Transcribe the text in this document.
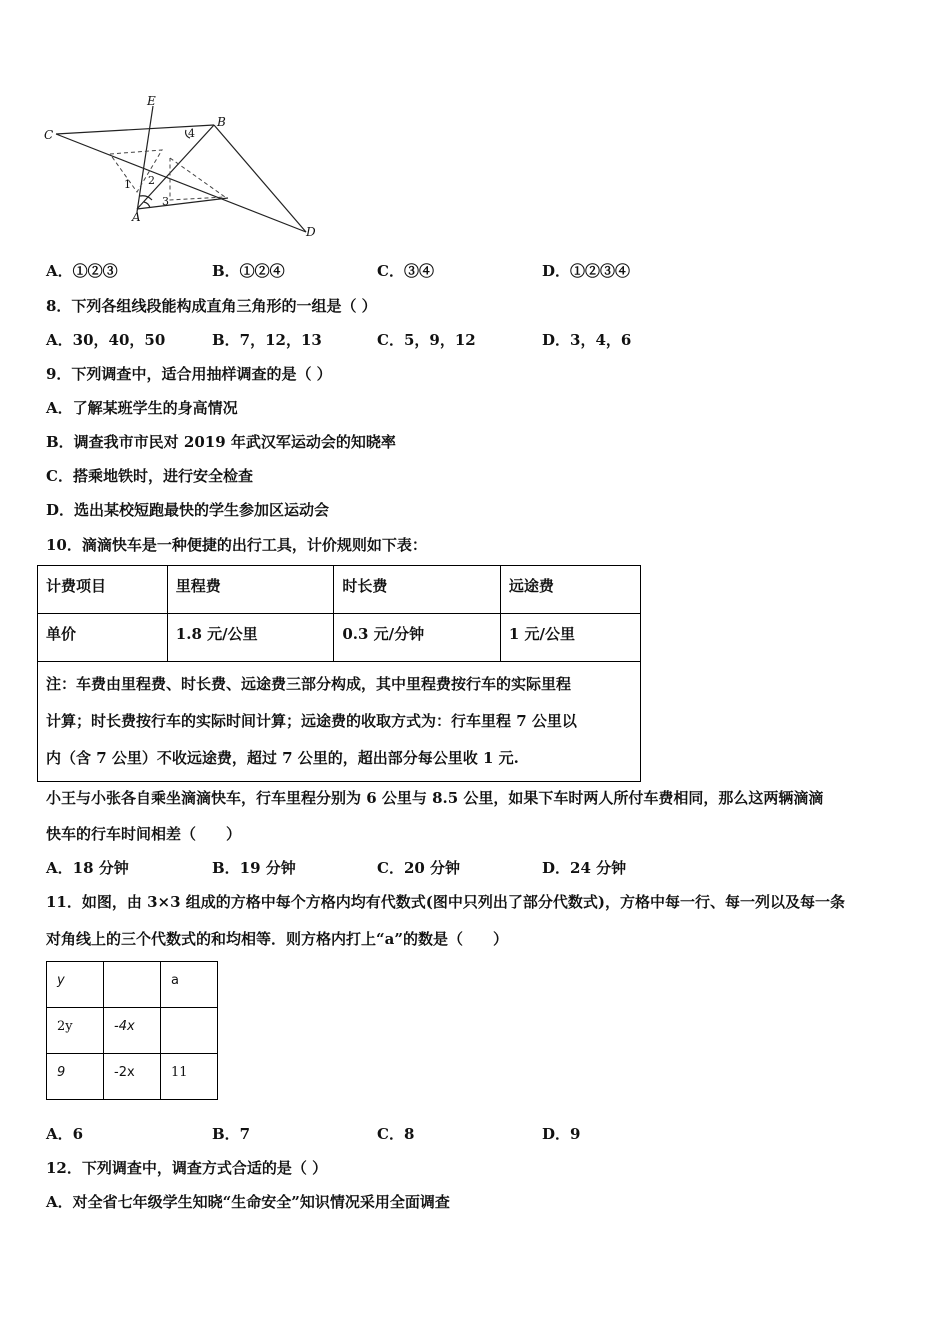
E
B
C
A
D
1 2
3
4
A．①②③	B．①②④	C．③④	D．①②③④
8．下列各组线段能构成直角三角形的一组是（ ）
A．30，40，50	B．7，12，13	C．5，9，12	D．3，4，6
9．下列调查中，适合用抽样调查的是（ ）
A．了解某班学生的身高情况
B．调查我市市民对 2019 年武汉军运动会的知晓率
C．搭乘地铁时，进行安全检查
D．选出某校短跑最快的学生参加区运动会
10．滴滴快车是一种便捷的出行工具，计价规则如下表：
计费项目	里程费	时长费	远途费
单价	1.8 元/公里	0.3 元/分钟	1 元/公里

注：车费由里程费、时长费、远途费三部分构成，其中里程费按行车的实际里程
计算；时长费按行车的实际时间计算；远途费的收取方式为：行车里程 7 公里以
内（含 7 公里）不收远途费，超过 7 公里的，超出部分每公里收 1 元.			
小王与小张各自乘坐滴滴快车，行车里程分别为 6 公里与 8.5 公里，如果下车时两人所付车费相同，那么这两辆滴滴
快车的行车时间相差（　　）
A．18 分钟	B．19 分钟	C．20 分钟	D．24 分钟
11．如图，由 3×3 组成的方格中每个方格内均有代数式(图中只列出了部分代数式)，方格中每一行、每一列以及每一条
对角线上的三个代数式的和均相等．则方格内打上“a”的数是（　　）
y		a
2y	-4x	
9	-2x	11
A．6	B．7	C．8	D．9
12．下列调查中，调查方式合适的是（ ）
A．对全省七年级学生知晓“生命安全”知识情况采用全面调查
